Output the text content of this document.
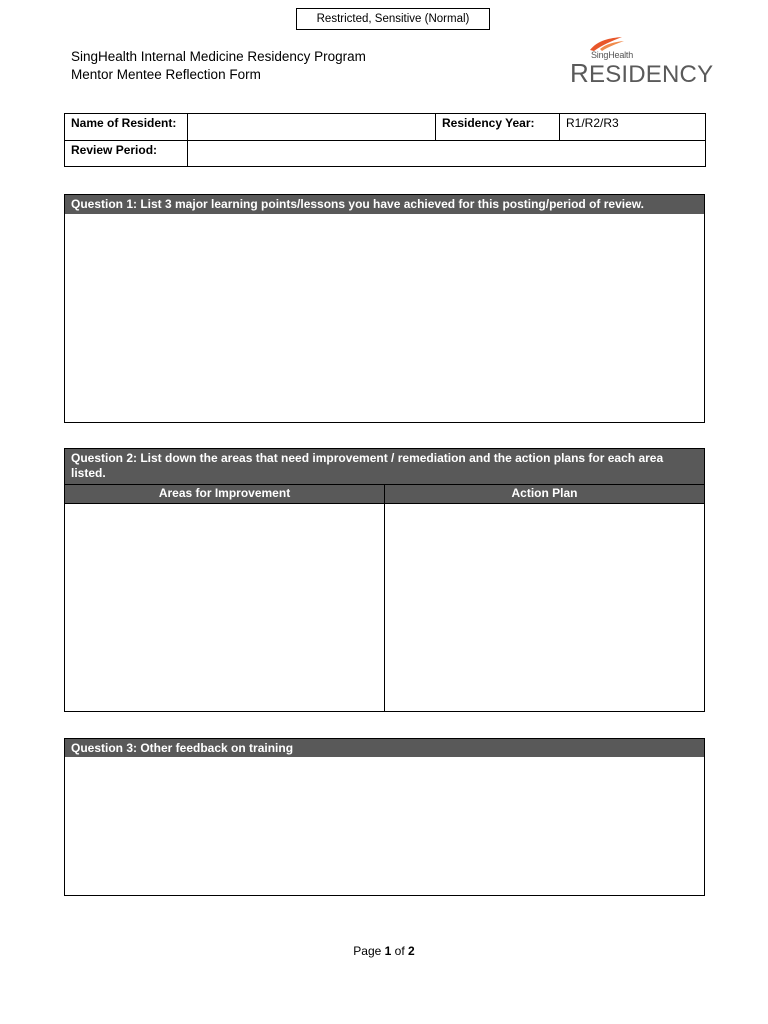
Restricted, Sensitive (Normal)
SingHealth Internal Medicine Residency Program
Mentor Mentee Reflection Form
SingHealth
RESIDENCY
Name of Resident:		Residency Year:	R1/R2/R3
Review Period:			
Question 1: List 3 major learning points/lessons you have achieved for this posting/period of review.
Question 2: List down the areas that need improvement / remediation and the action plans for each area listed.
Areas for Improvement	Action Plan
Question 3: Other feedback on training
Page 1 of 2
